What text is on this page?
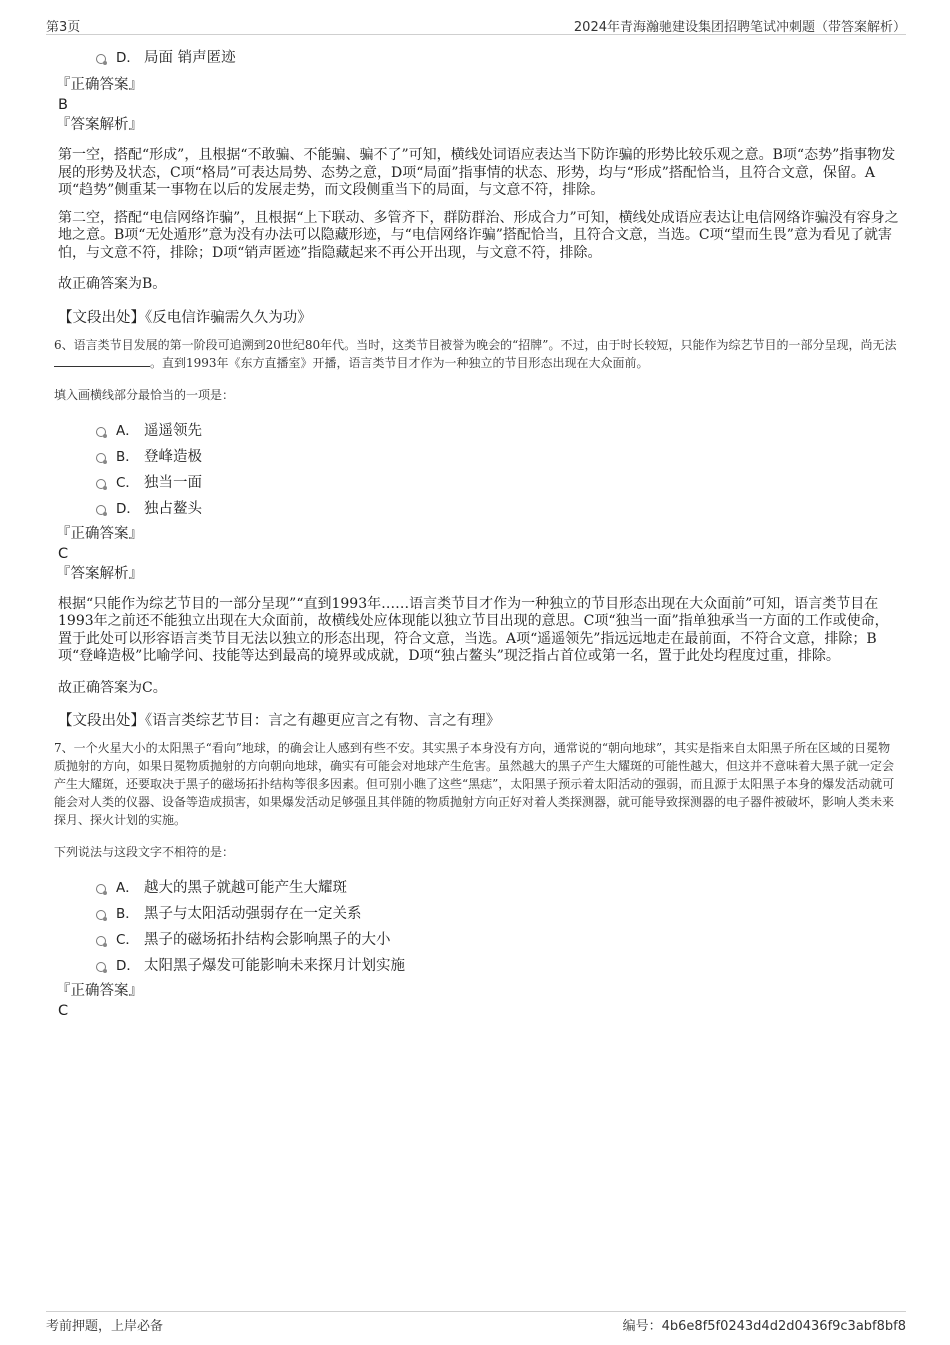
第3页	2024年青海瀚驰建设集团招聘笔试冲刺题（带答案解析）
D． 局面 销声匿迹
『正确答案』
B
『答案解析』

第一空，搭配“形成”，且根据“不敢骗、不能骗、骗不了”可知，横线处词语应表达当下防诈骗的形势比较乐观之意。B项“态势”指事物发展的形势及状态，C项“格局”可表达局势、态势之意，D项“局面”指事情的状态、形势，均与“形成”搭配恰当，且符合文意，保留。A项“趋势”侧重某一事物在以后的发展走势，而文段侧重当下的局面，与文意不符，排除。

第二空，搭配“电信网络诈骗”，且根据“上下联动、多管齐下，群防群治、形成合力”可知，横线处成语应表达让电信网络诈骗没有容身之地之意。B项“无处遁形”意为没有办法可以隐藏形迹，与“电信网络诈骗”搭配恰当，且符合文意，当选。C项“望而生畏”意为看见了就害怕，与文意不符，排除；D项“销声匿迹”指隐藏起来不再公开出现，与文意不符，排除。

故正确答案为B。

【文段出处】《反电信诈骗需久久为功》

6、语言类节目发展的第一阶段可追溯到20世纪80年代。当时，这类节目被誉为晚会的“招牌”。不过，由于时长较短，只能作为综艺节目的一部分呈现，尚无法。直到1993年《东方直播室》开播，语言类节目才作为一种独立的节目形态出现在大众面前。

填入画横线部分最恰当的一项是：
A． 遥遥领先
B． 登峰造极
C． 独当一面
D． 独占鳌头
『正确答案』
C
『答案解析』

根据“只能作为综艺节目的一部分呈现”“直到1993年……语言类节目才作为一种独立的节目形态出现在大众面前”可知，语言类节目在1993年之前还不能独立出现在大众面前，故横线处应体现能以独立节目出现的意思。C项“独当一面”指单独承当一方面的工作或使命，置于此处可以形容语言类节目无法以独立的形态出现，符合文意，当选。A项“遥遥领先”指远远地走在最前面，不符合文意，排除；B项“登峰造极”比喻学问、技能等达到最高的境界或成就，D项“独占鳌头”现泛指占首位或第一名，置于此处均程度过重，排除。

故正确答案为C。

【文段出处】《语言类综艺节目：言之有趣更应言之有物、言之有理》

7、一个火星大小的太阳黑子“看向”地球，的确会让人感到有些不安。其实黑子本身没有方向，通常说的“朝向地球”，其实是指来自太阳黑子所在区域的日冕物质抛射的方向，如果日冕物质抛射的方向朝向地球，确实有可能会对地球产生危害。虽然越大的黑子产生大耀斑的可能性越大，但这并不意味着大黑子就一定会产生大耀斑，还要取决于黑子的磁场拓扑结构等很多因素。但可别小瞧了这些“黑痣”，太阳黑子预示着太阳活动的强弱，而且源于太阳黑子本身的爆发活动就可能会对人类的仪器、设备等造成损害，如果爆发活动足够强且其伴随的物质抛射方向正好对着人类探测器，就可能导致探测器的电子器件被破坏，影响人类未来探月、探火计划的实施。

下列说法与这段文字不相符的是：
A． 越大的黑子就越可能产生大耀斑
B． 黑子与太阳活动强弱存在一定关系
C． 黑子的磁场拓扑结构会影响黑子的大小
D． 太阳黑子爆发可能影响未来探月计划实施
『正确答案』
C
考前押题，上岸必备	编号：4b6e8f5f0243d4d2d0436f9c3abf8bf8
